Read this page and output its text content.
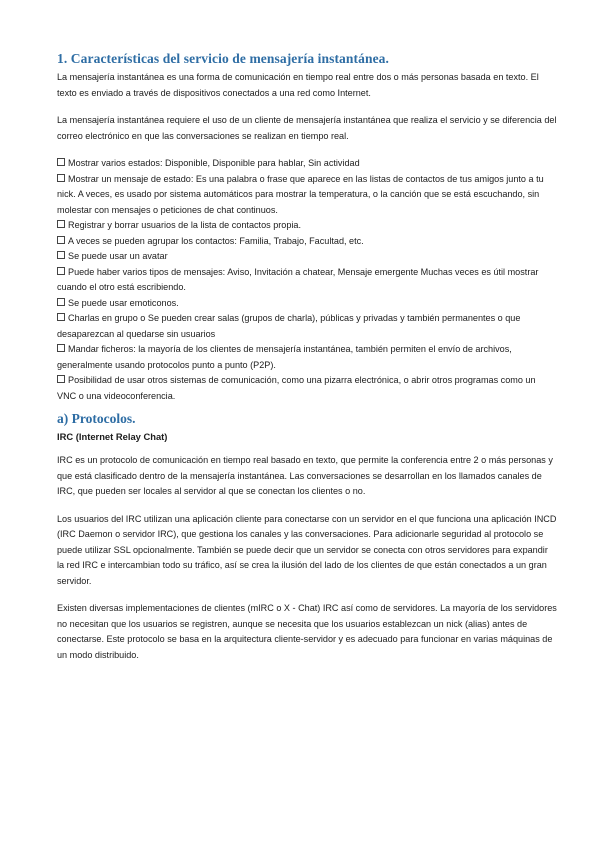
1. Características del servicio de mensajería instantánea.

La mensajería instantánea es una forma de comunicación en tiempo real entre dos o más personas basada en texto. El texto es enviado a través de dispositivos conectados a una red como Internet.

La mensajería instantánea requiere el uso de un cliente de mensajería instantánea que realiza el servicio y se diferencia del correo electrónico en que las conversaciones se realizan en tiempo real.

Mostrar varios estados: Disponible, Disponible para hablar, Sin actividad
Mostrar un mensaje de estado: Es una palabra o frase que aparece en las listas de contactos de tus amigos junto a tu nick. A veces, es usado por sistema automáticos para mostrar la temperatura, o la canción que se está escuchando, sin molestar con mensajes o peticiones de chat continuos.
Registrar y borrar usuarios de la lista de contactos propia.
A veces se pueden agrupar los contactos: Familia, Trabajo, Facultad, etc.
Se puede usar un avatar
Puede haber varios tipos de mensajes: Aviso, Invitación a chatear, Mensaje emergente Muchas veces es útil mostrar cuando el otro está escribiendo.
Se puede usar emoticonos.
Charlas en grupo o Se pueden crear salas (grupos de charla), públicas y privadas y también permanentes o que desaparezcan al quedarse sin usuarios
Mandar ficheros: la mayoría de los clientes de mensajería instantánea, también permiten el envío de archivos, generalmente usando protocolos punto a punto (P2P).
Posibilidad de usar otros sistemas de comunicación, como una pizarra electrónica, o abrir otros programas como un VNC o una videoconferencia.
a) Protocolos.
IRC (Internet Relay Chat)

IRC es un protocolo de comunicación en tiempo real basado en texto, que permite la conferencia entre 2 o más personas y que está clasificado dentro de la mensajería instantánea. Las conversaciones se desarrollan en los llamados canales de IRC, que pueden ser locales al servidor al que se conectan los clientes o no.

Los usuarios del IRC utilizan una aplicación cliente para conectarse con un servidor en el que funciona una aplicación INCD (IRC Daemon o servidor IRC), que gestiona los canales y las conversaciones. Para adicionarle seguridad al protocolo se puede utilizar SSL opcionalmente. También se puede decir que un servidor se conecta con otros servidores para expandir la red IRC e intercambian todo su tráfico, así se crea la ilusión del lado de los clientes de que están conectados a un gran servidor.

Existen diversas implementaciones de clientes (mIRC o X - Chat) IRC así como de servidores. La mayoría de los servidores no necesitan que los usuarios se registren, aunque se necesita que los usuarios establezcan un nick (alias) antes de conectarse. Este protocolo se basa en la arquitectura cliente-servidor y es adecuado para funcionar en varias máquinas de un modo distribuido.
